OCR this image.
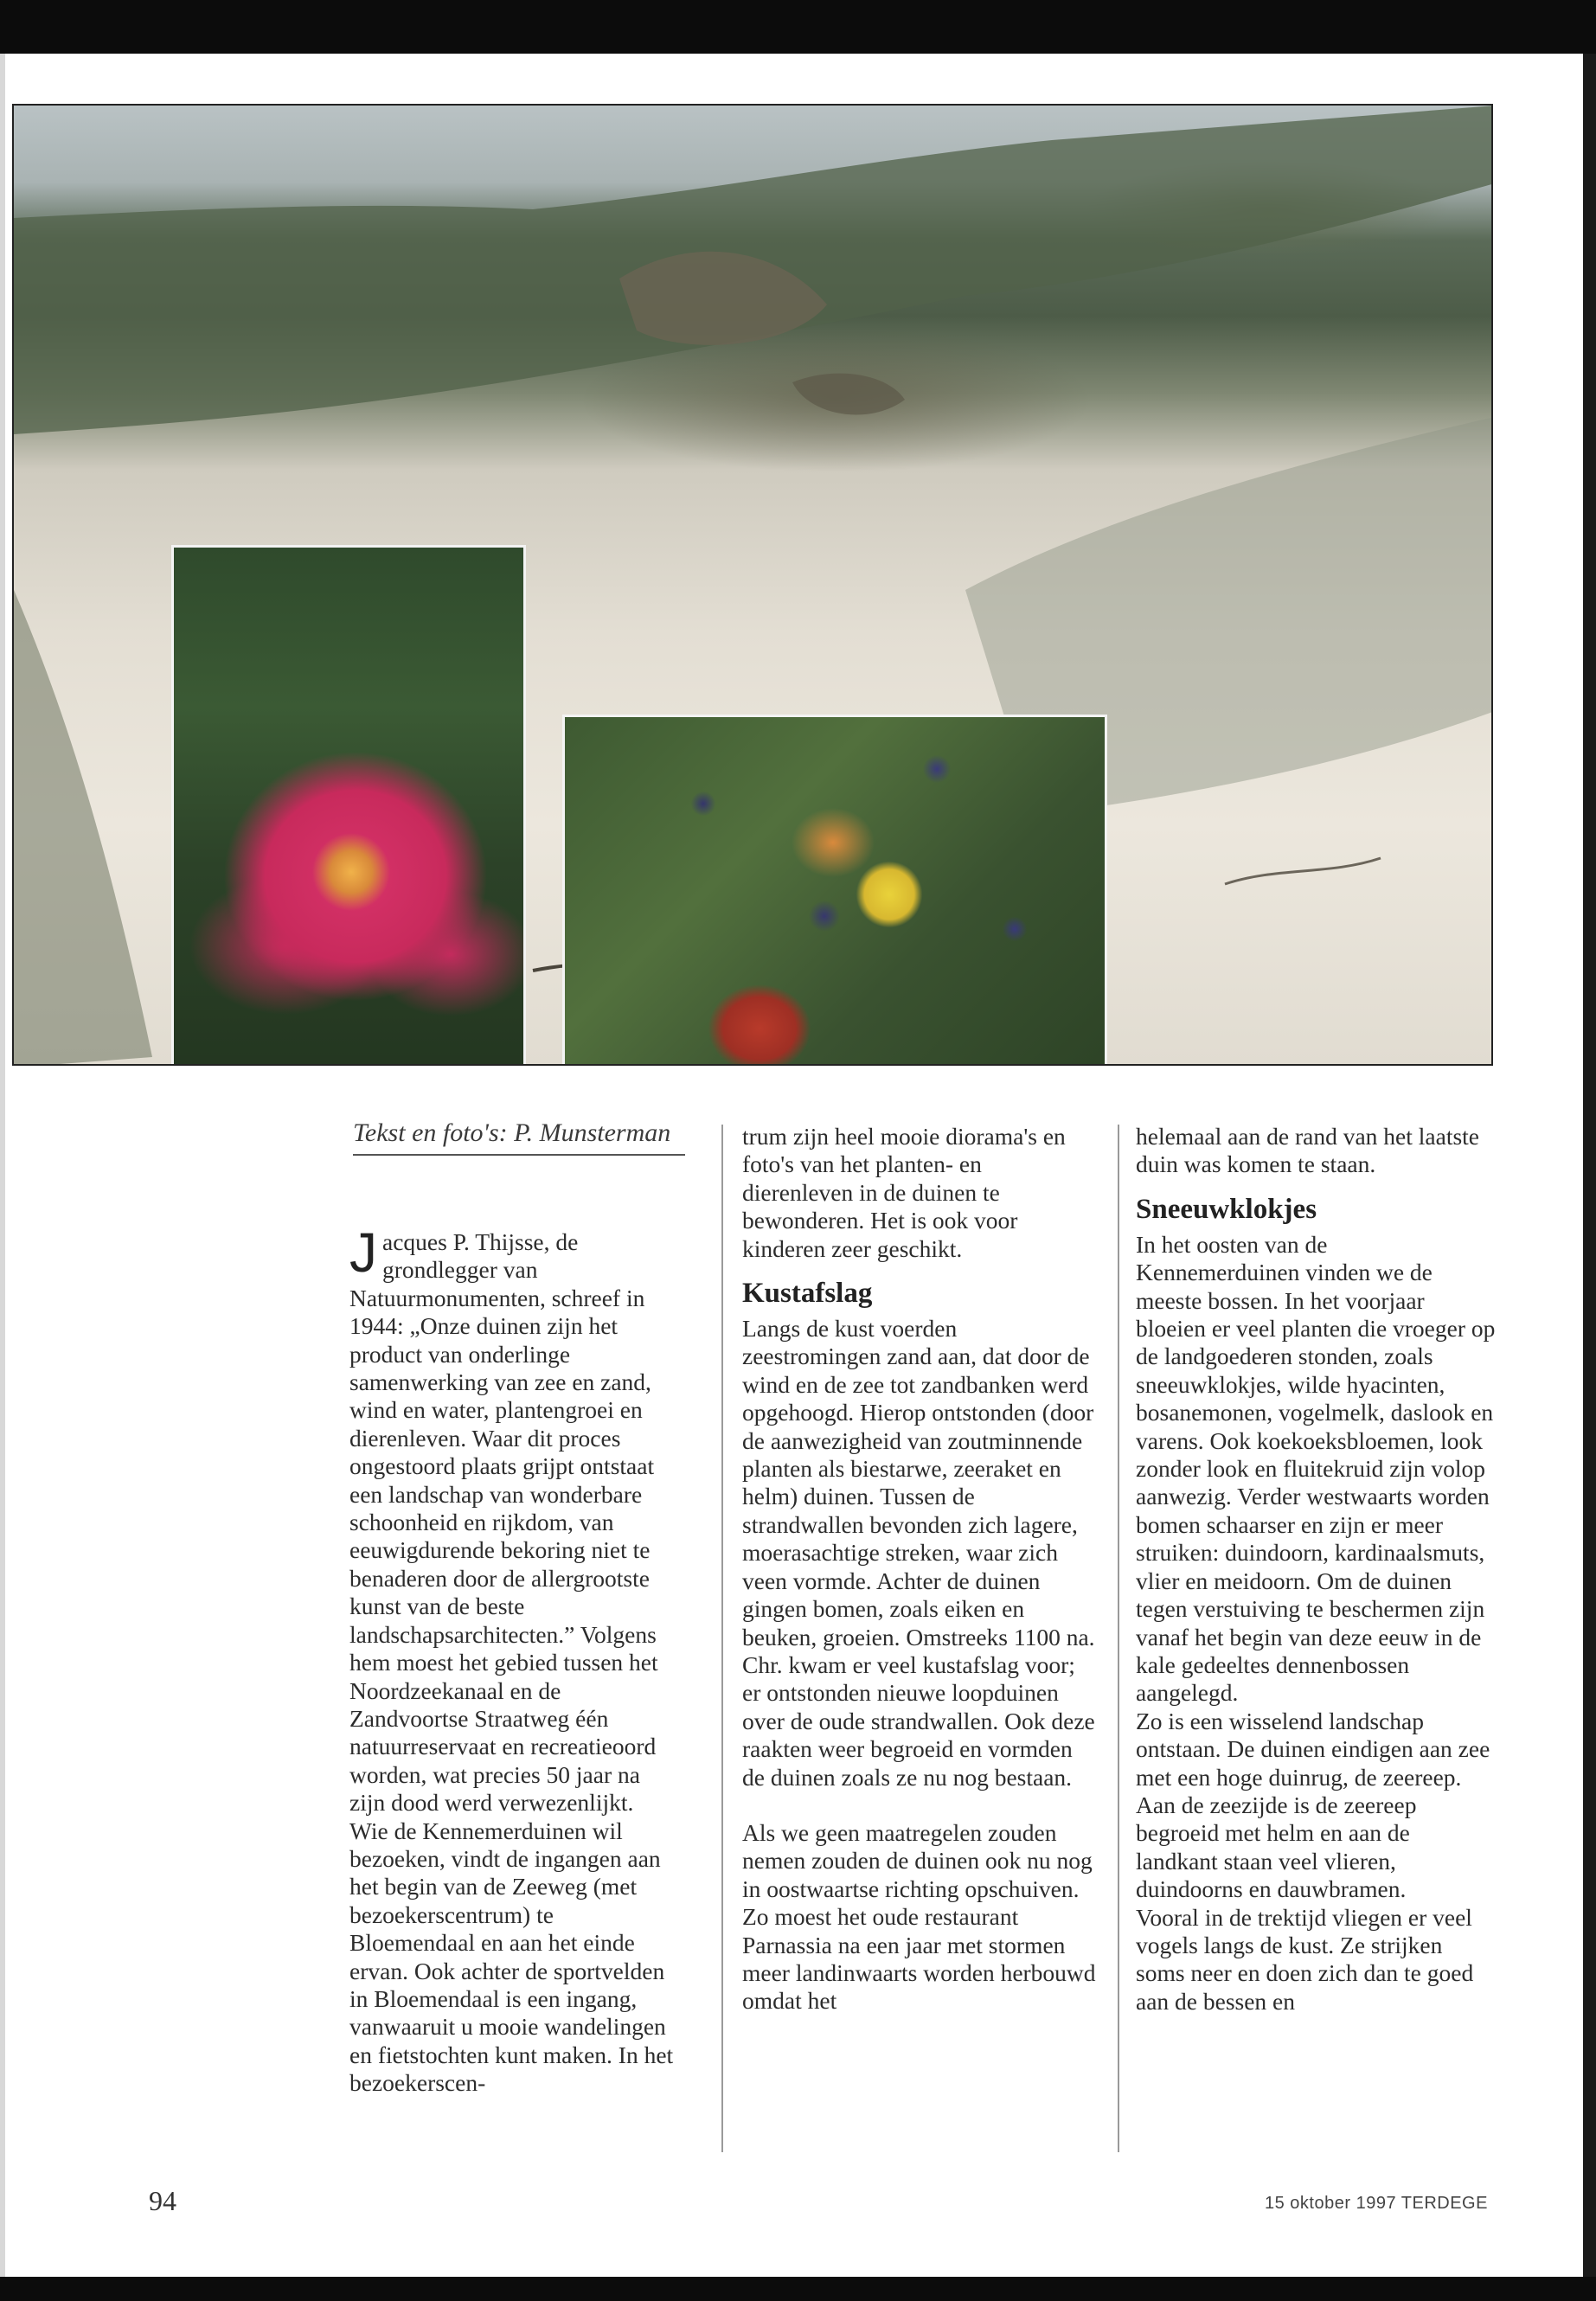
Tekst en foto's: P. Munsterman

Jacques P. Thijsse, de grondlegger van Natuurmonumenten, schreef in 1944: „Onze duinen zijn het product van onderlinge samenwerking van zee en zand, wind en water, plantengroei en dierenleven. Waar dit proces ongestoord plaats grijpt ontstaat een landschap van wonderbare schoonheid en rijkdom, van eeuwigdurende bekoring niet te benaderen door de allergrootste kunst van de beste landschapsarchitecten.” Volgens hem moest het gebied tussen het Noordzeekanaal en de Zandvoortse Straatweg één natuurreservaat en recreatieoord worden, wat precies 50 jaar na zijn dood werd verwezenlijkt.

Wie de Kennemerduinen wil bezoeken, vindt de ingangen aan het begin van de Zeeweg (met bezoekerscentrum) te Bloemendaal en aan het einde ervan. Ook achter de sportvelden in Bloemendaal is een ingang, vanwaaruit u mooie wandelingen en fietstochten kunt maken. In het bezoekerscen-

trum zijn heel mooie diorama's en foto's van het planten- en dierenleven in de duinen te bewonderen. Het is ook voor kinderen zeer geschikt.

Kustafslag

Langs de kust voerden zeestromingen zand aan, dat door de wind en de zee tot zandbanken werd opgehoogd. Hierop ontstonden (door de aanwezigheid van zoutminnende planten als biestarwe, zeeraket en helm) duinen. Tussen de strandwallen bevonden zich lagere, moerasachtige streken, waar zich veen vormde. Achter de duinen gingen bomen, zoals eiken en beuken, groeien. Omstreeks 1100 na. Chr. kwam er veel kustafslag voor; er ontstonden nieuwe loopduinen over de oude strandwallen. Ook deze raakten weer begroeid en vormden de duinen zoals ze nu nog bestaan.

Als we geen maatregelen zouden nemen zouden de duinen ook nu nog in oostwaartse richting opschuiven. Zo moest het oude restaurant Parnassia na een jaar met stormen meer landinwaarts worden herbouwd omdat het

helemaal aan de rand van het laatste duin was komen te staan.

Sneeuwklokjes

In het oosten van de Kennemerduinen vinden we de meeste bossen. In het voorjaar bloeien er veel planten die vroeger op de landgoederen stonden, zoals sneeuwklokjes, wilde hyacinten, bosanemonen, vogelmelk, daslook en varens. Ook koekoeksbloemen, look zonder look en fluitekruid zijn volop aanwezig. Verder westwaarts worden bomen schaarser en zijn er meer struiken: duindoorn, kardinaalsmuts, vlier en meidoorn. Om de duinen tegen verstuiving te beschermen zijn vanaf het begin van deze eeuw in de kale gedeeltes dennenbossen aangelegd.

Zo is een wisselend landschap ontstaan. De duinen eindigen aan zee met een hoge duinrug, de zeereep. Aan de zeezijde is de zeereep begroeid met helm en aan de landkant staan veel vlieren, duindoorns en dauwbramen.

Vooral in de trektijd vliegen er veel vogels langs de kust. Ze strijken soms neer en doen zich dan te goed aan de bessen en

94	15 oktober 1997 TERDEGE
